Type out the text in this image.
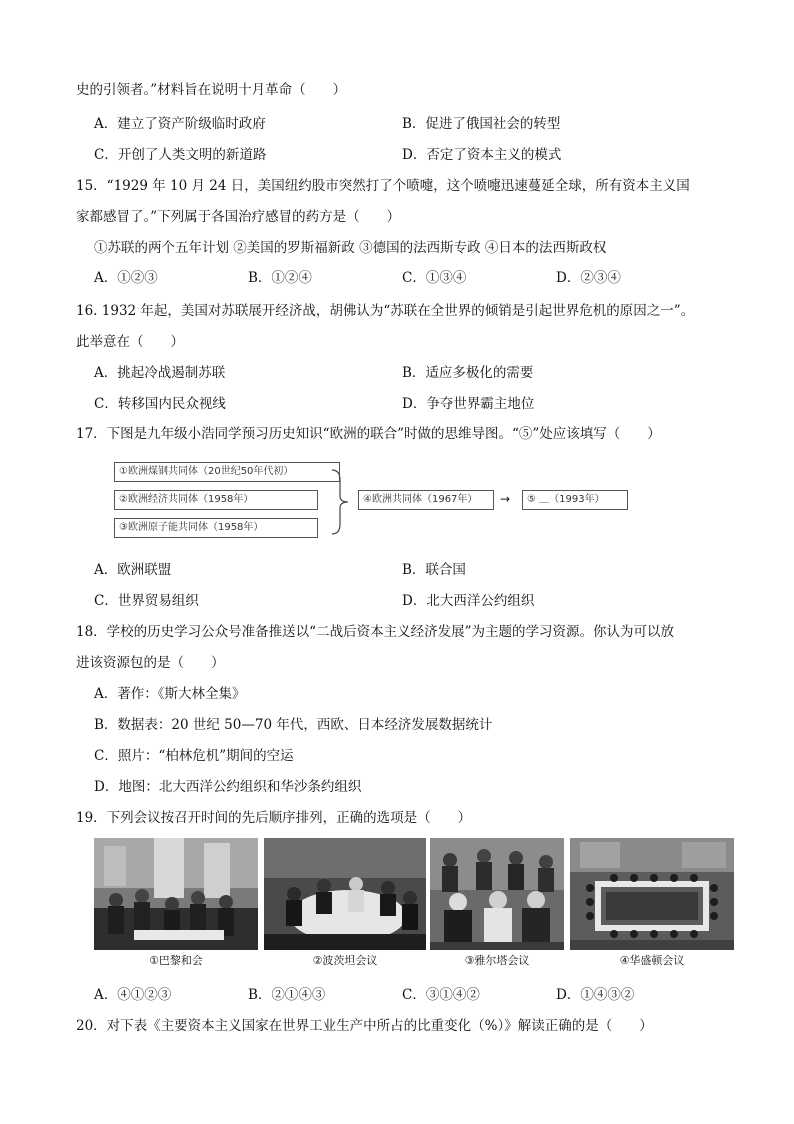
史的引领者。”材料旨在说明十月革命（　　）
A．建立了资产阶级临时政府	B．促进了俄国社会的转型
C．开创了人类文明的新道路	D．否定了资本主义的模式
15．“1929 年 10 月 24 日，美国纽约股市突然打了个喷嚏，这个喷嚏迅速蔓延全球，所有资本主义国
家都感冒了。”下列属于各国治疗感冒的药方是（　　）
①苏联的两个五年计划 ②美国的罗斯福新政 ③德国的法西斯专政 ④日本的法西斯政权
A．①②③	B．①②④	C．①③④	D．②③④
16. 1932 年起，美国对苏联展开经济战，胡佛认为“苏联在全世界的倾销是引起世界危机的原因之一”。
此举意在（　　）
A．挑起冷战遏制苏联	B．适应多极化的需要
C．转移国内民众视线	D．争夺世界霸主地位
17．下图是九年级小浩同学预习历史知识“欧洲的联合”时做的思维导图。“⑤”处应该填写（　　）
①欧洲煤钢共同体（20世纪50年代初）
②欧洲经济共同体（1958年）
③欧洲原子能共同体（1958年）
④欧洲共同体（1967年）	→	⑤ ＿（1993年）
A．欧洲联盟	B．联合国
C．世界贸易组织	D．北大西洋公约组织
18．学校的历史学习公众号准备推送以“二战后资本主义经济发展”为主题的学习资源。你认为可以放
进该资源包的是（　　）
A．著作：《斯大林全集》
B．数据表：20 世纪 50—70 年代，西欧、日本经济发展数据统计
C．照片：“柏林危机”期间的空运
D．地图：北大西洋公约组织和华沙条约组织
19．下列会议按召开时间的先后顺序排列，正确的选项是（　　）
①巴黎和会	②波茨坦会议	③雅尔塔会议	④华盛顿会议
A．④①②③	B．②①④③	C．③①④②	D．①④③②
20．对下表《主要资本主义国家在世界工业生产中所占的比重变化（%）》解读正确的是（　　）
